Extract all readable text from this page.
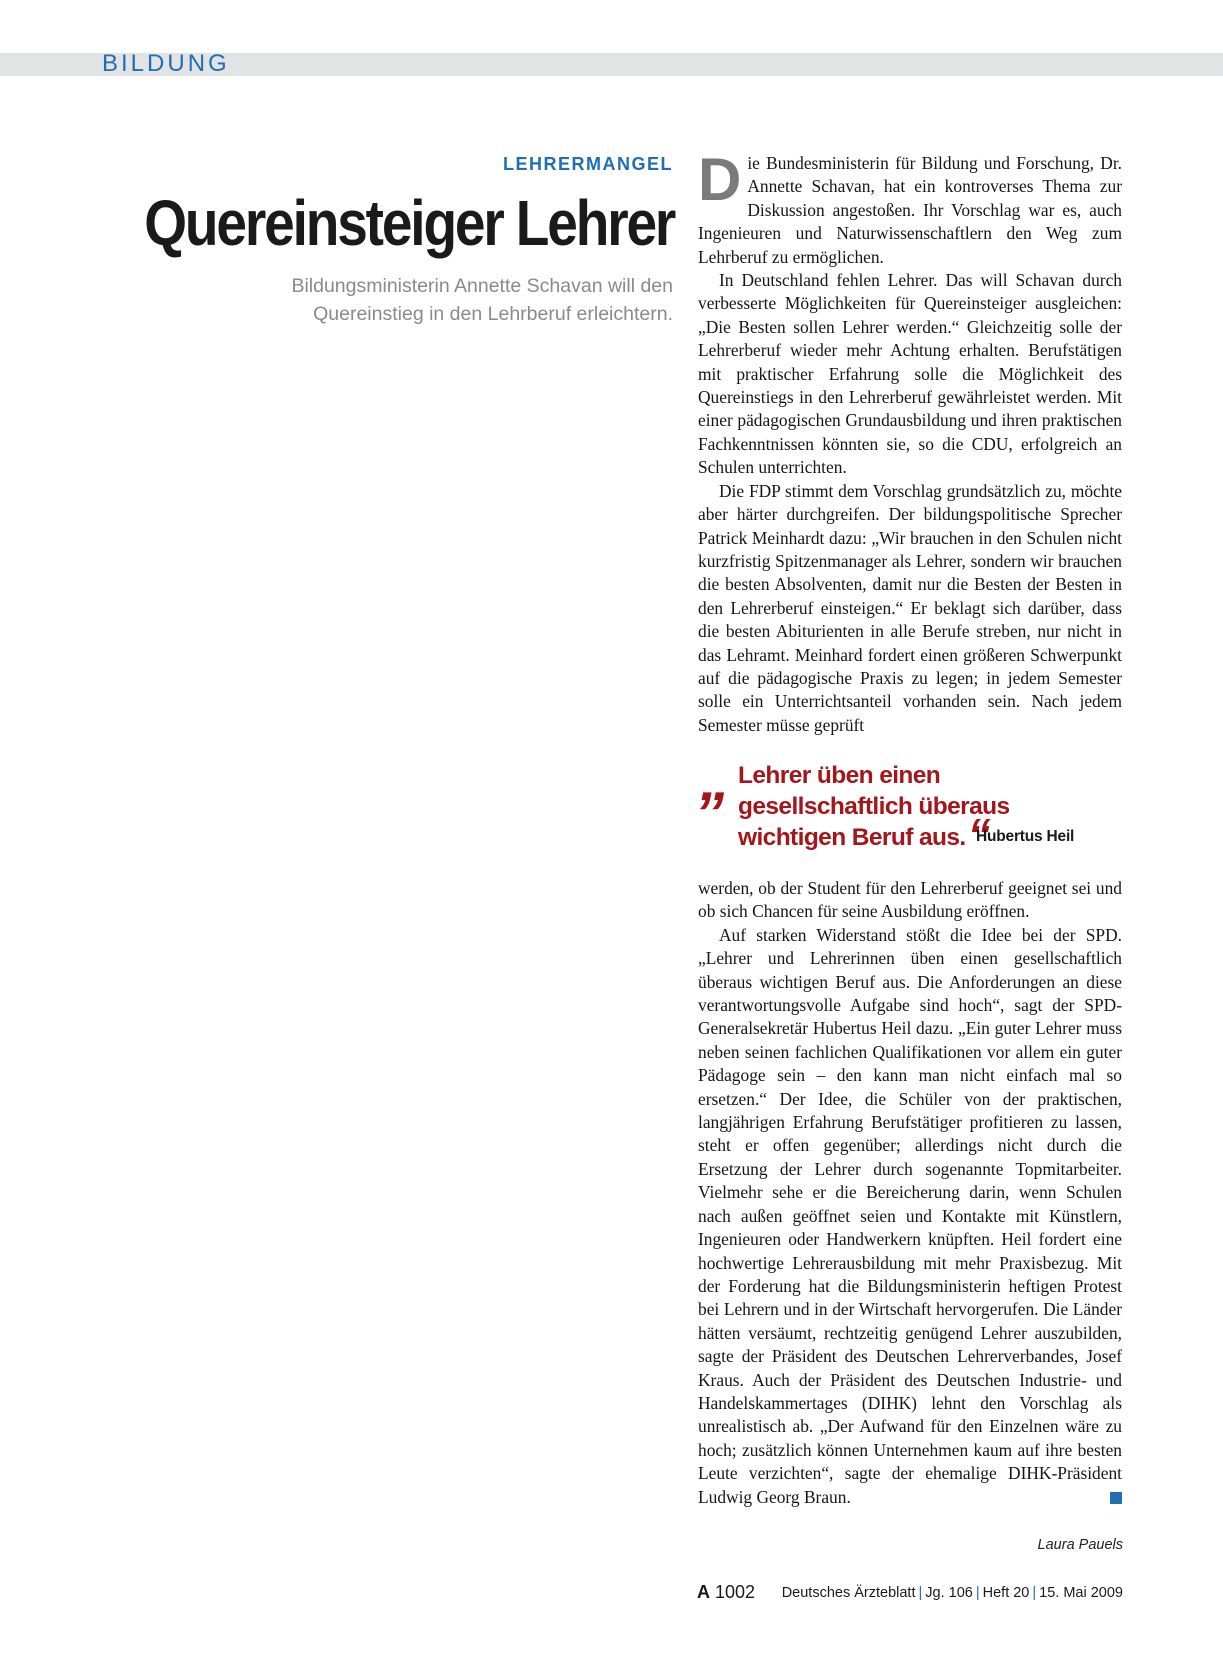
BILDUNG
LEHRERMANGEL
Quereinsteiger Lehrer
Bildungsministerin Annette Schavan will den Quereinstieg in den Lehrberuf erleichtern.

Die Bundesministerin für Bildung und Forschung, Dr. Annette Schavan, hat ein kontroverses Thema zur Diskussion angestoßen. Ihr Vorschlag war es, auch Ingenieuren und Naturwissenschaftlern den Weg zum Lehrberuf zu ermöglichen.

In Deutschland fehlen Lehrer. Das will Schavan durch verbesserte Möglichkeiten für Quereinsteiger ausgleichen: „Die Besten sollen Lehrer werden.“ Gleichzeitig solle der Lehrerberuf wieder mehr Achtung erhalten. Berufstätigen mit praktischer Erfahrung solle die Möglichkeit des Quereinstiegs in den Lehrerberuf gewährleistet werden. Mit einer pädagogischen Grundausbildung und ihren praktischen Fachkenntnissen könnten sie, so die CDU, erfolgreich an Schulen unterrichten.

Die FDP stimmt dem Vorschlag grundsätzlich zu, möchte aber härter durchgreifen. Der bildungspolitische Sprecher Patrick Meinhardt dazu: „Wir brauchen in den Schulen nicht kurzfristig Spitzenmanager als Lehrer, sondern wir brauchen die besten Absolventen, damit nur die Besten der Besten in den Lehrerberuf einsteigen.“ Er beklagt sich darüber, dass die besten Abiturienten in alle Berufe streben, nur nicht in das Lehramt. Meinhard fordert einen größeren Schwerpunkt auf die pädagogische Praxis zu legen; in jedem Semester solle ein Unterrichtsanteil vorhanden sein. Nach jedem Semester müsse geprüft

„ Lehrer üben einen gesellschaftlich überaus wichtigen Beruf aus.“
Hubertus Heil

werden, ob der Student für den Lehrerberuf geeignet sei und ob sich Chancen für seine Ausbildung eröffnen.

Auf starken Widerstand stößt die Idee bei der SPD. „Lehrer und Lehrerinnen üben einen gesellschaftlich überaus wichtigen Beruf aus. Die Anforderungen an diese verantwortungsvolle Aufgabe sind hoch“, sagt der SPD-Generalsekretär Hubertus Heil dazu. „Ein guter Lehrer muss neben seinen fachlichen Qualifikationen vor allem ein guter Pädagoge sein – den kann man nicht einfach mal so ersetzen.“ Der Idee, die Schüler von der praktischen, langjährigen Erfahrung Berufstätiger profitieren zu lassen, steht er offen gegenüber; allerdings nicht durch die Ersetzung der Lehrer durch sogenannte Topmitarbeiter. Vielmehr sehe er die Bereicherung darin, wenn Schulen nach außen geöffnet seien und Kontakte mit Künstlern, Ingenieuren oder Handwerkern knüpften. Heil fordert eine hochwertige Lehrerausbildung mit mehr Praxisbezug. Mit der Forderung hat die Bildungsministerin heftigen Protest bei Lehrern und in der Wirtschaft hervorgerufen. Die Länder hätten versäumt, rechtzeitig genügend Lehrer auszubilden, sagte der Präsident des Deutschen Lehrerverbandes, Josef Kraus. Auch der Präsident des Deutschen Industrie- und Handelskammertages (DIHK) lehnt den Vorschlag als unrealistisch ab. „Der Aufwand für den Einzelnen wäre zu hoch; zusätzlich können Unternehmen kaum auf ihre besten Leute verzichten“, sagte der ehemalige DIHK-Präsident Ludwig Georg Braun.

Laura Pauels
A 1002 Deutsches Ärzteblatt | Jg. 106 | Heft 20 | 15. Mai 2009
